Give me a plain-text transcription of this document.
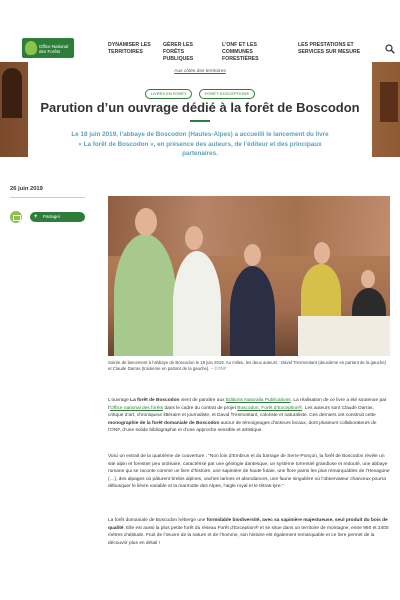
Office National des Forêts
DYNAMISER LES TERRITOIRES
GÉRER LES FORÊTS PUBLIQUES
L'ONF ET LES COMMUNES FORESTIÈRES
LES PRESTATIONS ET SERVICES SUR MESURE
Aux côtés des territoires
LIVRES EN FORÊT	FORÊT D'EXCEPTION®
Parution d’un ouvrage dédié à la forêt de Boscodon

Le 18 juin 2019, l’abbaye de Boscodon (Hautes-Alpes) a accueilli le lancement du livre « La forêt de Boscodon », en présence des auteurs, de l’éditeur et des principaux partenaires.

26 juin 2019
+ Partager
Soirée de lancement à l’abbaye de Boscodon le 18 juin 2019. Au milieu, les deux auteurs : David Tresmontant (deuxième en partant de la gauche) et Claude Darras (troisième en partant de la gauche). – ©ONF

L’ouvrage La forêt de Boscodon vient de paraître aux Éditions Naturalia Publications. La réalisation de ce livre a été soutenue par l’Office national des forêts dans le cadre du contrat de projet Boscodon, Forêt d’Exception®. Les auteurs sont Claude Darras, critique d’art, chroniqueur littéraire et journaliste, et David Tresmontant, coloriste et naturaliste. Ces derniers ont construit cette monographie de la forêt domaniale de Boscodon autour de témoignages d’acteurs locaux, dont plusieurs collaborateurs de l’ONF, d’une solide bibliographie et d’une approche sensible et artistique.

Voici un extrait de la quatrième de couverture : “Non loin d’Embrun et du barrage de Serre-Ponçon, la forêt de Boscodon révèle un site alpin et forestier peu ordinaire, caractérisé par une géologie dantesque, un système torrentiel grandiose et redouté, une abbaye romane qui se raconte comme un livre d’histoire, une sapinière de haute futaie, une flore parmi les plus remarquables de l’Hexagone (…), des alpages où pâturent brebis alpines, vaches tarines et abondances, une faune singulière où l’observateur chanceux pourra débusquer le lièvre variable et la marmotte des Alpes, l’aigle royal et le tétras-lyre.”

La forêt domaniale de Boscodon héberge une formidable biodiversité, avec sa sapinière majestueuse, seul produit du bois de qualité. Elle est aussi la plus petite forêt du réseau Forêt d’Exception® et se situe dans un territoire de montagne, entre 960 et 2400 mètres d’altitude. Fruit de l’œuvre de la nature et de l’homme, son histoire est également remarquable et ce livre permet de la découvrir plus en détail !
